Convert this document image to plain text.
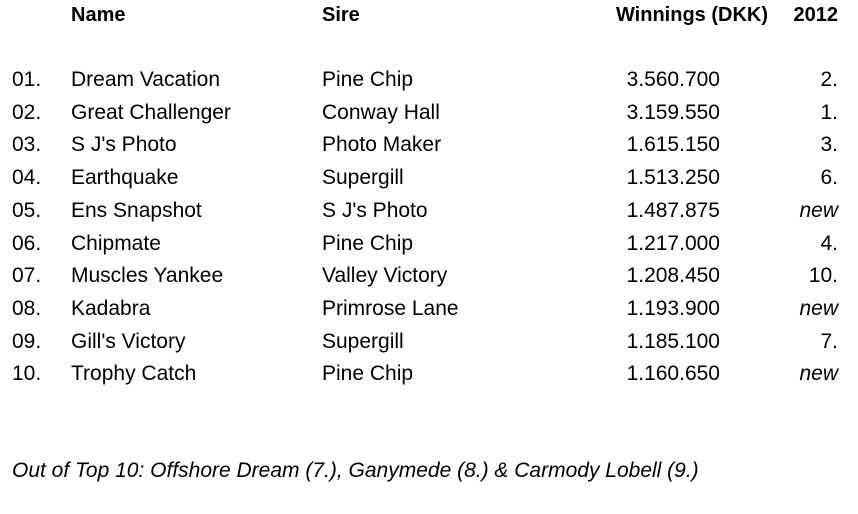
Name	Sire	Winnings (DKK) 2012
01. Dream Vacation	Pine Chip	3.560.700	2.
02. Great Challenger	Conway Hall	3.159.550	1.
03. S J's Photo	Photo Maker	1.615.150	3.
04. Earthquake	Supergill	1.513.250	6.
05. Ens Snapshot	S J's Photo	1.487.875	new
06. Chipmate	Pine Chip	1.217.000	4.
07. Muscles Yankee	Valley Victory	1.208.450	10.
08. Kadabra	Primrose Lane	1.193.900	new
09. Gill's Victory	Supergill	1.185.100	7.
10. Trophy Catch	Pine Chip	1.160.650	new
Out of Top 10: Offshore Dream (7.), Ganymede (8.) & Carmody Lobell (9.)
